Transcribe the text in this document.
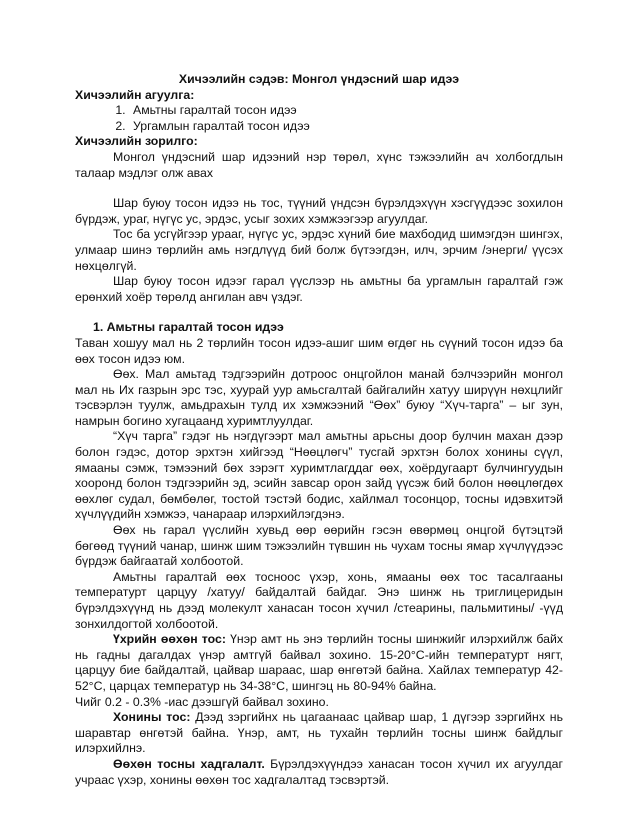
Хичээлийн сэдэв: Монгол үндэсний шар идээ

Хичээлийн агуулга:

1. Амьтны гаралтай тосон идээ
2. Ургамлын гаралтай тосон идээ

Хичээлийн зорилго:

Монгол үндэсний шар идээний нэр төрөл, хүнс тэжээлийн ач холбогдлын талаар мэдлэг олж авах

Шар буюу тосон идээ нь тос, түүний үндсэн бүрэлдэхүүн хэсгүүдээс зохилон бүрдэж, ураг, нүгүс ус, эрдэс, усыг зохих хэмжээгээр агуулдаг.

Тос ба усгүйгээр урааг, нүгүс ус, эрдэс хүний бие махбодид шимэгдэн шингэх, улмаар шинэ төрлийн амь нэгдлүүд бий болж бүтээгдэн, илч, эрчим /энерги/ үүсэх нөхцөлгүй.

Шар буюу тосон идээг гарал үүслээр нь амьтны ба ургамлын гаралтай гэж ерөнхий хоёр төрөлд ангилан авч үздэг.

1. Амьтны гаралтай тосон идээ

Таван хошуу мал нь 2 төрлийн тосон идээ-ашиг шим өгдөг нь сүүний тосон идээ ба өөх тосон идээ юм.

Өөх. Мал амьтад тэдгээрийн дотроос онцгойлон манай бэлчээрийн монгол мал нь Их газрын эрс тэс, хуурай уур амьсгалтай байгалийн хатуу ширүүн нөхцлийг тэсвэрлэн туулж, амьдрахын тулд их хэмжээний “Өөх” буюу “Хүч-тарга” – ыг зун, намрын богино хугацаанд хуримтлуулдаг.

“Хүч тарга” гэдэг нь нэгдүгээрт мал амьтны арьсны доор булчин махан дээр болон гэдэс, дотор эрхтэн хийгээд “Нөөцлөгч” тусгай эрхтэн болох хонины сүүл, ямааны сэмж, тэмээний бөх зэрэгт хуримтлагддаг өөх, хоёрдугаарт булчингуудын хооронд болон тэдгээрийн эд, эсийн завсар орон зайд үүсэж бий болон нөөцлөгдөх өөхлөг судал, бөмбөлөг, тостой тэстэй бодис, хайлмал тосонцор, тосны идэвхитэй хүчлүүдийн хэмжээ, чанараар илэрхийлэгдэнэ.

Өөх нь гарал үүслийн хувьд өөр өөрийн гэсэн өвөрмөц онцгой бүтэцтэй бөгөөд түүний чанар, шинж шим тэжээлийн түвшин нь чухам тосны ямар хүчлүүдээс бүрдэж байгаатай холбоотой.

Амьтны гаралтай өөх тосноос үхэр, хонь, ямааны өөх тос тасалгааны температурт царцуу /хатуу/ байдалтай байдаг. Энэ шинж нь триглицеридын бүрэлдэхүүнд нь дээд молекулт ханасан тосон хүчил /стеарины, пальмитины/ -үүд зонхилдогтой холбоотой.

Үхрийн өөхөн тос: Үнэр амт нь энэ төрлийн тосны шинжийг илэрхийлж байх нь гадны дагалдах үнэр амтгүй байвал зохино. 15-20°С-ийн температурт нягт, царцуу бие байдалтай, цайвар шараас, шар өнгөтэй байна. Хайлах температур 42-52°С, царцах температур нь 34-38°С, шингэц нь 80-94% байна.

Чийг 0.2 - 0.3% -иас дээшгүй байвал зохино.

Хонины тос: Дээд зэргийнх нь цагаанаас цайвар шар, 1 дүгээр зэргийнх нь шаравтар өнгөтэй байна. Үнэр, амт, нь тухайн төрлийн тосны шинж байдлыг илэрхийлнэ.

Өөхөн тосны хадгалалт. Бүрэлдэхүүндээ ханасан тосон хүчил их агуулдаг учраас үхэр, хонины өөхөн тос хадгалалтад тэсвэртэй.
